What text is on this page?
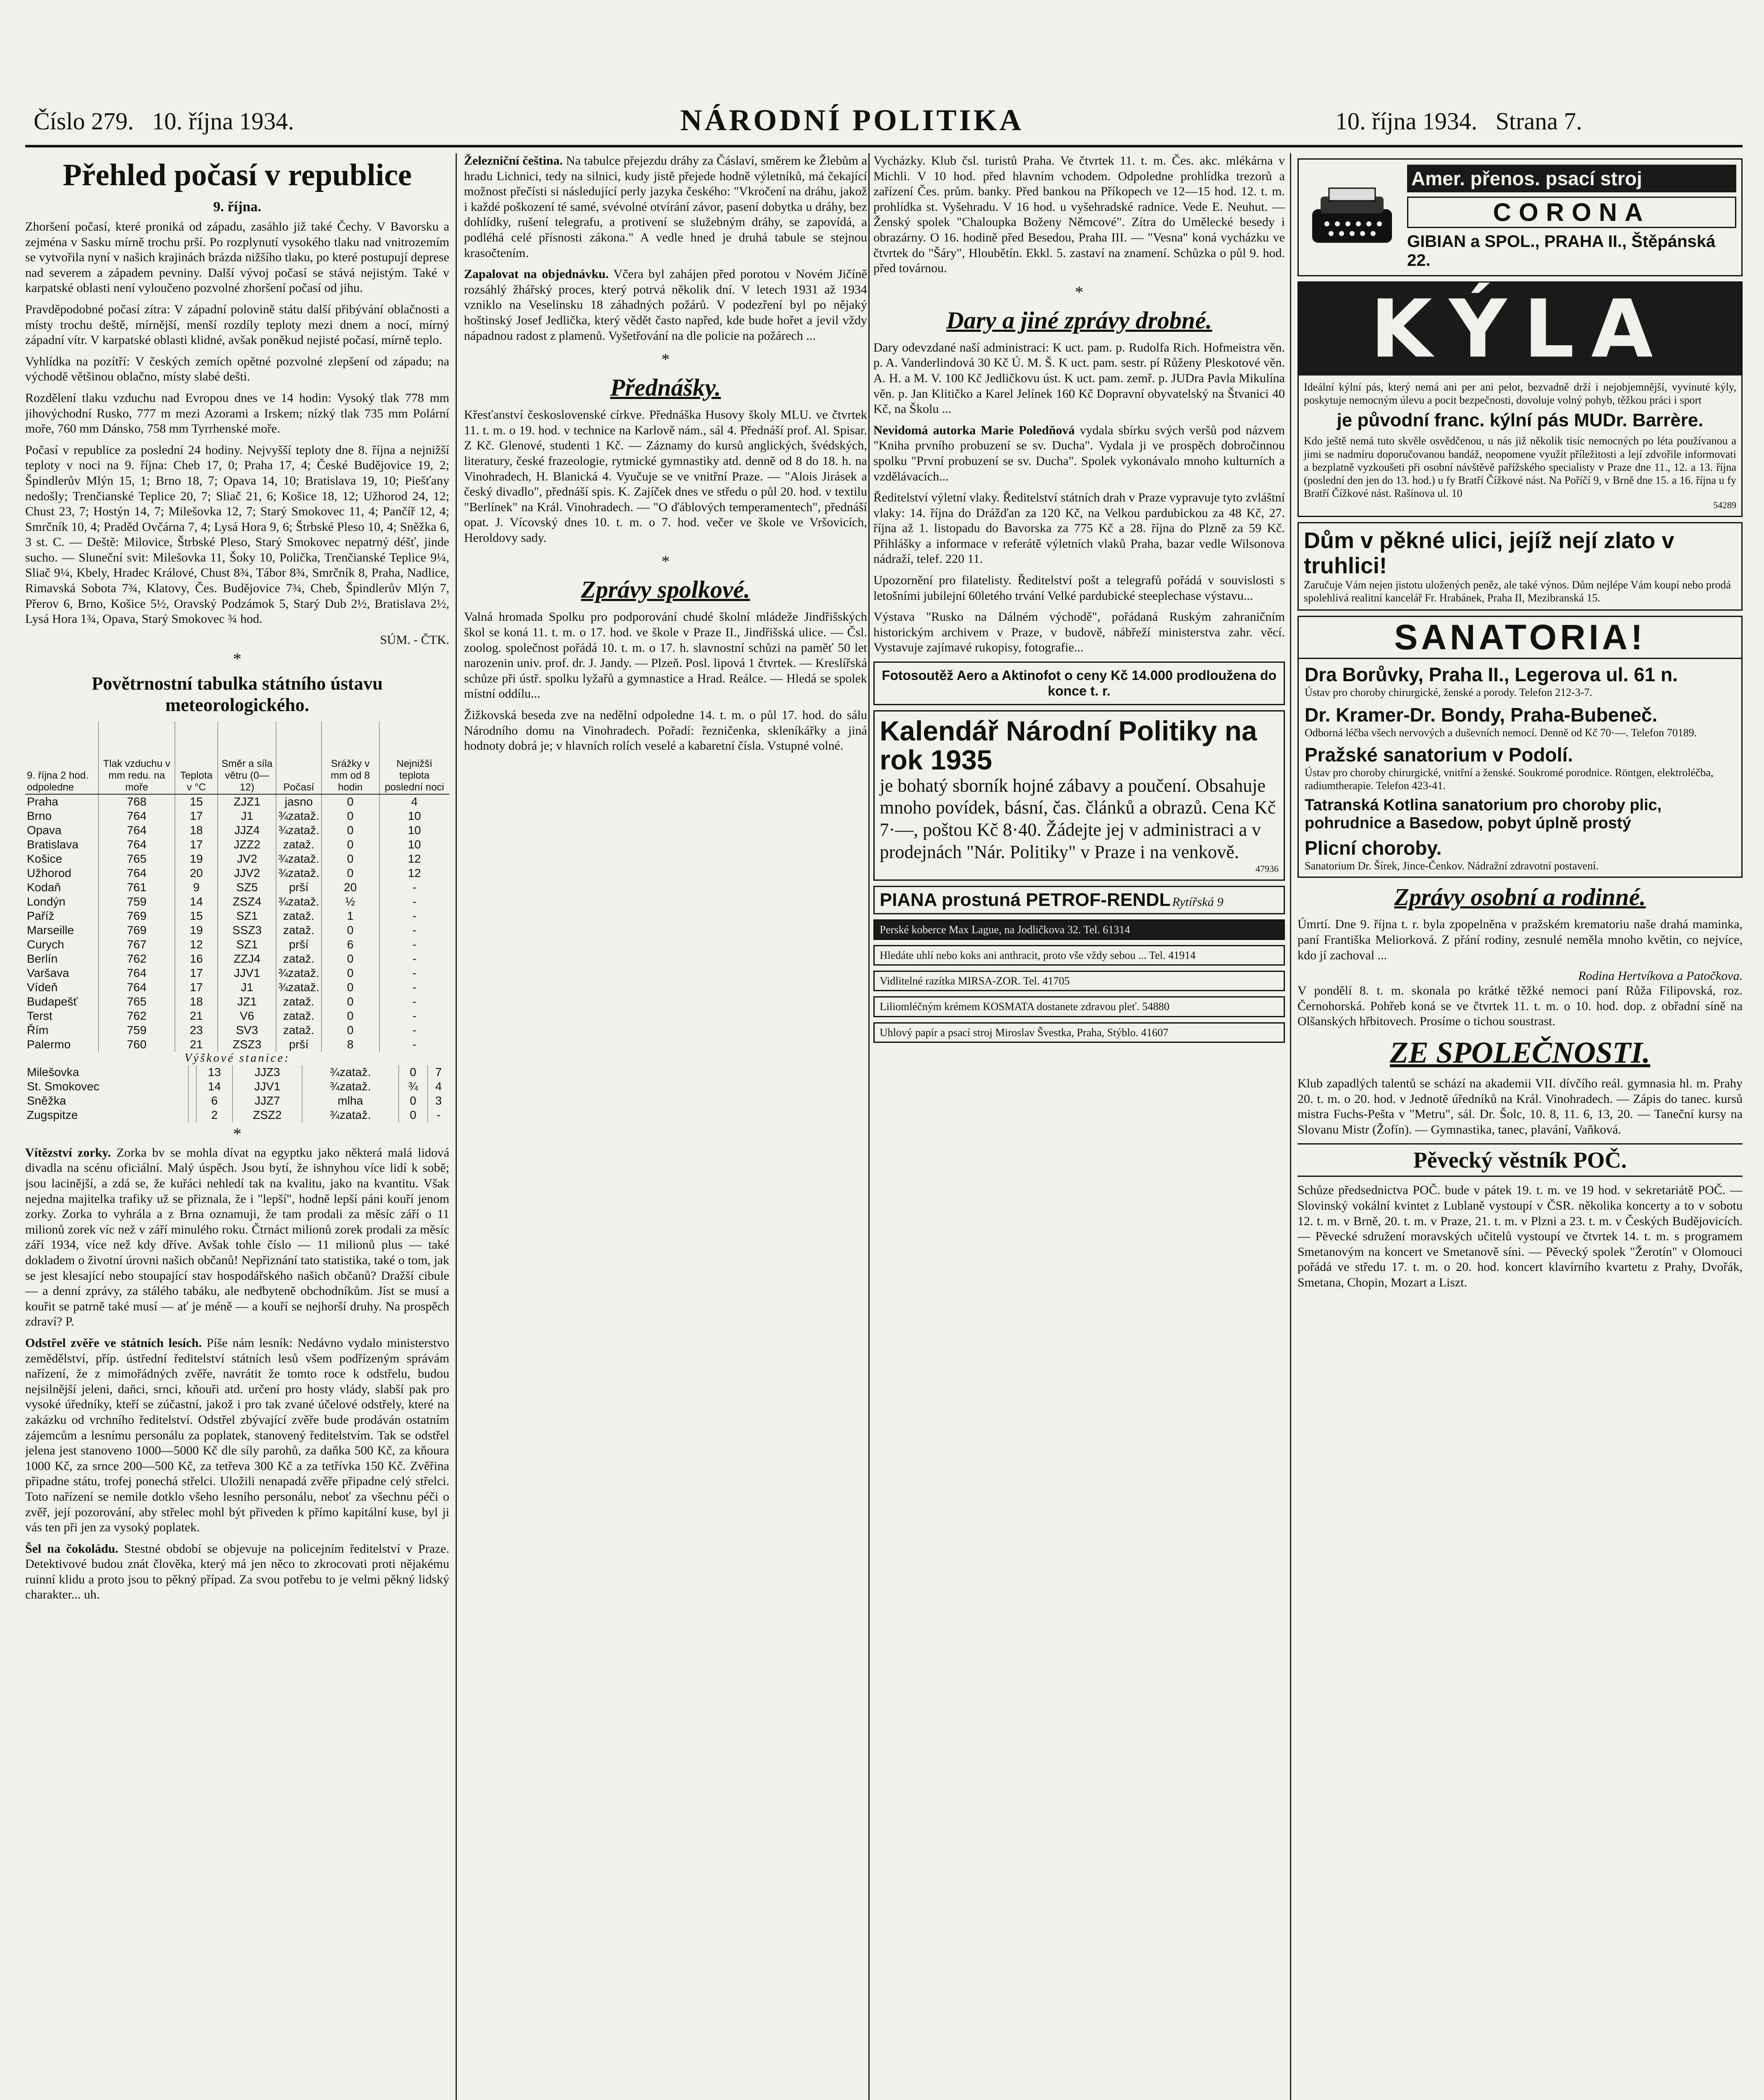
Číslo 279. 10. října 1934.	NÁRODNÍ POLITIKA	10. října 1934. Strana 7.
Přehled počasí v republice
9. října.

Zhoršení počasí, které proniká od západu, zasáhlo již také Čechy. V Bavorsku a zejména v Sasku mírně trochu prší. Po rozplynutí vysokého tlaku nad vnitrozemím se vytvořila nyní v našich krajinách brázda nižšího tlaku, po které postupují deprese nad severem a západem pevniny. Další vývoj počasí se stává nejistým. Také v karpatské oblasti není vyloučeno pozvolné zhoršení počasí od jihu.

Pravděpodobné počasí zítra: V západní polovině státu další přibývání oblačnosti a místy trochu deště, mírnější, menší rozdíly teploty mezi dnem a nocí, mírný západní vítr. V karpatské oblasti klidné, avšak poněkud nejisté počasí, mírně teplo.

Vyhlídka na pozítří: V českých zemích opětné pozvolné zlepšení od západu; na východě většinou oblačno, místy slabé dešti.

Rozdělení tlaku vzduchu nad Evropou dnes ve 14 hodin: Vysoký tlak 778 mm jihovýchodní Rusko, 777 m mezi Azorami a Irskem; nízký tlak 735 mm Polární moře, 760 mm Dánsko, 758 mm Tyrrhenské moře.

Počasí v republice za poslední 24 hodiny. Nejvyšší teploty dne 8. října a nejnižší teploty v noci na 9. října: Cheb 17, 0; Praha 17, 4; České Budějovice 19, 2; Špindlerův Mlýn 15, 1; Brno 18, 7; Opava 14, 10; Bratislava 19, 10; Piešťany nedošly; Trenčianské Teplice 20, 7; Sliač 21, 6; Košice 18, 12; Užhorod 24, 12; Chust 23, 7; Hostýn 14, 7; Milešovka 12, 7; Starý Smokovec 11, 4; Pančíř 12, 4; Smrčník 10, 4; Praděd Ovčárna 7, 4; Lysá Hora 9, 6; Štrbské Pleso 10, 4; Sněžka 6, 3 st. C. — Deště: Milovice, Štrbské Pleso, Starý Smokovec nepatrný déšť, jinde sucho. — Sluneční svit: Milešovka 11, Šoky 10, Polička, Trenčianské Teplice 9¼, Sliač 9¼, Kbely, Hradec Králové, Chust 8¾, Tábor 8¾, Smrčník 8, Praha, Nadlice, Rimavská Sobota 7¾, Klatovy, Čes. Budějovice 7¾, Cheb, Špindlerův Mlýn 7, Přerov 6, Brno, Košice 5½, Oravský Podzámok 5, Starý Dub 2½, Bratislava 2½, Lysá Hora 1¾, Opava, Starý Smokovec ¾ hod.

SÚM. - ČTK.
*
Povětrnostní tabulka státního ústavu meteorologického.
9. října 2 hod. odpoledne	Tlak vzduchu v mm redu. na moře	Teplota v °C	Směr a síla větru (0—12)	Počasí	Srážky v mm od 8 hodin	Nejnižší teplota poslední noci
Praha	768	15	ZJZ1	jasno	0	4
Brno	764	17	J1	¾zataž.	0	10
Opava	764	18	JJZ4	¾zataž.	0	10
Bratislava	764	17	JZZ2	zataž.	0	10
Košice	765	19	JV2	¾zataž.	0	12
Užhorod	764	20	JJV2	¾zataž.	0	12
Kodaň	761	9	SZ5	prší	20	-
Londýn	759	14	ZSZ4	¾zataž.	½	-
Paříž	769	15	SZ1	zataž.	1	-
Marseille	769	19	SSZ3	zataž.	0	-
Curych	767	12	SZ1	prší	6	-
Berlín	762	16	ZZJ4	zataž.	0	-
Varšava	764	17	JJV1	¾zataž.	0	-
Vídeň	764	17	J1	¾zataž.	0	-
Budapešť	765	18	JZ1	zataž.	0	-
Terst	762	21	V6	zataž.	0	-
Řím	759	23	SV3	zataž.	0	-
Palermo	760	21	ZSZ3	prší	8	-
Výškové stanice:
Milešovka		13	JJZ3	¾zataž.	0	7
St. Smokovec		14	JJV1	¾zataž.	¾	4
Sněžka		6	JJZ7	mlha	0	3
Zugspitze		2	ZSZ2	¾zataž.	0	-
*

Vítězství zorky. Zorka bv se mohla dívat na egyptku jako některá malá lidová divadla na scénu oficiální. Malý úspěch. Jsou bytí, že ishnyhou více lidí k sobě; jsou lacinější, a zdá se, že kuřáci nehledí tak na kvalitu, jako na kvantitu. Však nejedna majitelka trafiky už se přiznala, že i "lepší", hodně lepší páni kouří jenom zorky. Zorka to vyhrála a z Brna oznamuji, že tam prodali za měsíc září o 11 milionů zorek víc než v září minulého roku. Čtrnáct milionů zorek prodali za měsíc září 1934, více než kdy dříve. Avšak tohle číslo — 11 milionů plus — také dokladem o životní úrovni našich občanů! Nepřiznání tato statistika, také o tom, jak se jest klesající nebo stoupající stav hospodářského našich občanů? Dražší cibule — a denní zprávy, za stálého tabáku, ale nedbyteně obchodníkům. Jíst se musí a kouřit se patrně také musí — ať je méně — a kouří se nejhorší druhy. Na prospěch zdraví? P.

Odstřel zvěře ve státních lesích. Píše nám lesník: Nedávno vydalo ministerstvo zemědělství, příp. ústřední ředitelství státních lesů všem podřízeným správám nařízení, že z mimořádných zvěře, navrátit že tomto roce k odstřelu, budou nejsilnější jeleni, daňci, srnci, kňouři atd. určení pro hosty vlády, slabší pak pro vysoké úředníky, kteří se zúčastní, jakož i pro tak zvané účelové odstřely, které na zakázku od vrchního ředitelství. Odstřel zbývající zvěře bude prodáván ostatním zájemcům a lesnímu personálu za poplatek, stanovený ředitelstvím. Tak se odstřel jelena jest stanoveno 1000—5000 Kč dle síly parohů, za daňka 500 Kč, za kňoura 1000 Kč, za srnce 200—500 Kč, za tetřeva 300 Kč a za tetřívka 150 Kč. Zvěřina připadne státu, trofej ponechá střelci. Uložili nenapadá zvěře připadne celý střelci. Toto nařízení se nemile dotklo všeho lesního personálu, neboť za všechnu péči o zvěř, její pozorování, aby střelec mohl být přiveden k přímo kapitální kuse, byl ji vás ten při jen za vysoký poplatek.

Šel na čokoládu. Stestné období se objevuje na policejním ředitelství v Praze. Detektivové budou znát člověka, který má jen něco to zkrocovati proti nějakému ruinní klidu a proto jsou to pěkný případ. Za svou potřebu to je velmi pěkný lidský charakter... uh.

Železniční čeština. Na tabulce přejezdu dráhy za Čáslaví, směrem ke Žlebům a hradu Lichnici, tedy na silnici, kudy jistě přejede hodně výletníků, má čekající možnost přečísti si následující perly jazyka českého: "Vkročení na dráhu, jakož i každé poškození té samé, svévolné otvírání závor, pasení dobytka u dráhy, bez dohlídky, rušení telegrafu, a protivení se služebným dráhy, se zapovídá, a podléhá celé přísnosti zákona." A vedle hned je druhá tabule se stejnou krasočtením.

Zapalovat na objednávku. Včera byl zahájen před porotou v Novém Jičíně rozsáhlý žhářský proces, který potrvá několik dní. V letech 1931 až 1934 vzniklo na Veselinsku 18 záhadných požárů. V podezření byl po nějaký hoštinský Josef Jedlička, který vědět často napřed, kde bude hořet a jevil vždy nápadnou radost z plamenů. Vyšetřování na dle policie na požárech ...

*
Přednášky.

Křesťanství československé církve. Přednáška Husovy školy MLU. ve čtvrtek 11. t. m. o 19. hod. v technice na Karlově nám., sál 4. Přednáší prof. Al. Spisar. Z Kč. Glenové, studenti 1 Kč. — Záznamy do kursů anglických, švédských, literatury, české frazeologie, rytmické gymnastiky atd. denně od 8 do 18. h. na Vinohradech, H. Blanická 4. Vyučuje se ve vnitřní Praze. — "Alois Jirásek a český divadlo", přednáší spis. K. Zajíček dnes ve středu o půl 20. hod. v textilu "Berlínek" na Král. Vinohradech. — "O ďáblových temperamentech", přednáší opat. J. Vícovský dnes 10. t. m. o 7. hod. večer ve škole ve Vršovicích, Heroldovy sady.

*
Zprávy spolkové.

Valná hromada Spolku pro podporování chudé školní mládeže Jindřišských škol se koná 11. t. m. o 17. hod. ve škole v Praze II., Jindřišská ulice. — Čsl. zoolog. společnost pořádá 10. t. m. o 17. h. slavnostní schůzi na paměť 50 let narozenin univ. prof. dr. J. Jandy. — Plzeň. Posl. lipová 1 čtvrtek. — Kreslířská schůze při ústř. spolku lyžařů a gymnastice a Hrad. Reálce. — Hledá se spolek místní oddílu...

Žižkovská beseda zve na nedělní odpoledne 14. t. m. o půl 17. hod. do sálu Národního domu na Vinohradech. Pořadí: řezničenka, skleníkářky a jiná hodnoty dobrá je; v hlavních rolích veselé a kabaretní čísla. Vstupné volné.

Vycházky. Klub čsl. turistů Praha. Ve čtvrtek 11. t. m. Čes. akc. mlékárna v Michli. V 10 hod. před hlavním vchodem. Odpoledne prohlídka trezorů a zařízení Čes. prům. banky. Před bankou na Příkopech ve 12—15 hod. 12. t. m. prohlídka st. Vyšehradu. V 16 hod. u vyšehradské radnice. Vede E. Neuhut. — Ženský spolek "Chaloupka Boženy Němcové". Zítra do Umělecké besedy i obrazárny. O 16. hodině před Besedou, Praha III. — "Vesna" koná vycházku ve čtvrtek do "Šáry", Hloubětín. Ekkl. 5. zastaví na znamení. Schůzka o půl 9. hod. před továrnou.

*
Dary a jiné zprávy drobné.

Dary odevzdané naší administraci: K uct. pam. p. Rudolfa Rich. Hofmeistra věn. p. A. Vanderlindová 30 Kč Ú. M. Š. K uct. pam. sestr. pí Růženy Pleskotové věn. A. H. a M. V. 100 Kč Jedličkovu úst. K uct. pam. zemř. p. JUDra Pavla Mikulína věn. p. Jan Klitičko a Karel Jelínek 160 Kč Dopravní obyvatelský na Štvanici 40 Kč, na Školu ...

Nevidomá autorka Marie Poledňová vydala sbírku svých veršů pod názvem "Kniha prvního probuzení se sv. Ducha". Vydala ji ve prospěch dobročinnou spolku "První probuzení se sv. Ducha". Spolek vykonávalo mnoho kulturních a vzdělávacích...

Ředitelství výletní vlaky. Ředitelství státních drah v Praze vypravuje tyto zvláštní vlaky: 14. října do Drážďan za 120 Kč, na Velkou pardubickou za 48 Kč, 27. října až 1. listopadu do Bavorska za 775 Kč a 28. října do Plzně za 59 Kč. Přihlášky a informace v referátě výletních vlaků Praha, bazar vedle Wilsonova nádraží, telef. 220 11.

Upozornění pro filatelisty. Ředitelství pošt a telegrafů pořádá v souvislosti s letošními jubilejní 60letého trvání Velké pardubické steeplechase výstavu...

Výstava "Rusko na Dálném východě", pořádaná Ruským zahraničním historickým archivem v Praze, v budově, nábřeží ministerstva zahr. věcí. Vystavuje zajímavé rukopisy, fotografie...

Fotosoutěž Aero a Aktinofot o ceny Kč 14.000 prodloužena do konce t. r.
Kalendář Národní Politiky na rok 1935
je bohatý sborník hojné zábavy a poučení. Obsahuje mnoho povídek, básní, čas. článků a obrazů. Cena Kč 7·—, poštou Kč 8·40. Žádejte jej v administraci a v prodejnách "Nár. Politiky" v Praze i na venkově.
47936
PIANA prostuná PETROF-RENDL Rytířská 9
Perské koberce Max Lague, na Jodličkova 32. Tel. 61314
Hledáte uhlí nebo koks ani anthracit, proto vše vždy sebou ... Tel. 41914
Vidlitelné razítka MIRSA-ZOR. Tel. 41705
Liliomléčným krémem KOSMATA dostanete zdravou pleť. 54880
Uhlový papír a psací stroj Miroslav Švestka, Praha, Stýblo. 41607
Amer. přenos. psací stroj
CORONA
GIBIAN a SPOL., PRAHA II., Štěpánská 22.
KÝLA

Ideální kýlní pás, který nemá ani per ani pelot, bezvadně drží i nejobjemnější, vyvinuté kýly, poskytuje nemocným úlevu a pocit bezpečnosti, dovoluje volný pohyb, těžkou práci i sport

je původní franc. kýlní pás MUDr. Barrère.

Kdo ještě nemá tuto skvěle osvědčenou, u nás již několik tisíc nemocných po léta používanou a jimi se nadmíru doporučovanou bandáž, neopomene využít příležitosti a lejí zdvořile informovati a bezplatně vyzkoušeti při osobní návštěvě pařížského specialisty v Praze dne 11., 12. a 13. října (poslední den jen do 13. hod.) u fy Bratří Čížkové nást. Na Poříčí 9, v Brně dne 15. a 16. října u fy Bratří Čížkové nást. Rašínova ul. 10

54289
Dům v pěkné ulici, jejíž nejí zlato v truhlici!
Zaručuje Vám nejen jistotu uložených peněz, ale také výnos. Dům nejlépe Vám koupí nebo prodá spolehlivá realitní kancelář Fr. Hrabánek, Praha II, Mezibranská 15.
SANATORIA!
Dra Borůvky, Praha II., Legerova ul. 61 n.
Ústav pro choroby chirurgické, ženské a porody. Telefon 212-3-7.
Dr. Kramer-Dr. Bondy, Praha-Bubeneč.
Odborná léčba všech nervových a duševních nemocí. Denně od Kč 70·—. Telefon 70189.
Pražské sanatorium v Podolí.
Ústav pro choroby chirurgické, vnitřní a ženské. Soukromé porodnice. Röntgen, elektroléčba, radiumtherapie. Telefon 423-41.
Tatranská Kotlina sanatorium pro choroby plic, pohrudnice a Basedow, pobyt úplně prostý
Plicní choroby.
Sanatorium Dr. Šírek, Jince-Čenkov. Nádražní zdravotní postavení.
Zprávy osobní a rodinné.

Úmrtí. Dne 9. října t. r. byla zpopelněna v pražském krematoriu naše drahá maminka, paní Františka Meliorková. Z přání rodiny, zesnulé neměla mnoho květin, co nejvíce, kdo jí zachoval ...

Rodina Hertvíkova a Patočkova.

V pondělí 8. t. m. skonala po krátké těžké nemoci paní Růža Filipovská, roz. Černohorská. Pohřeb koná se ve čtvrtek 11. t. m. o 10. hod. dop. z obřadní síně na Olšanských hřbitovech. Prosíme o tichou soustrast.

ZE SPOLEČNOSTI.

Klub zapadlých talentů se schází na akademii VII. dívčího reál. gymnasia hl. m. Prahy 20. t. m. o 20. hod. v Jednotě úředníků na Král. Vinohradech. — Zápis do tanec. kursů mistra Fuchs-Pešta v "Metru", sál. Dr. Šolc, 10. 8, 11. 6, 13, 20. — Taneční kursy na Slovanu Mistr (Žofín). — Gymnastika, tanec, plavání, Vaňková.

Pěvecký věstník POČ.

Schůze předsednictva POČ. bude v pátek 19. t. m. ve 19 hod. v sekretariátě POČ. — Slovinský vokální kvintet z Lublaně vystoupí v ČSR. několika koncerty a to v sobotu 12. t. m. v Brně, 20. t. m. v Praze, 21. t. m. v Plzni a 23. t. m. v Českých Budějovicích. — Pěvecké sdružení moravských učitelů vystoupí ve čtvrtek 14. t. m. s programem Smetanovým na koncert ve Smetanově síni. — Pěvecký spolek "Žerotín" v Olomouci pořádá ve středu 17. t. m. o 20. hod. koncert klavírního kvartetu z Prahy, Dvořák, Smetana, Chopin, Mozart a Liszt.
